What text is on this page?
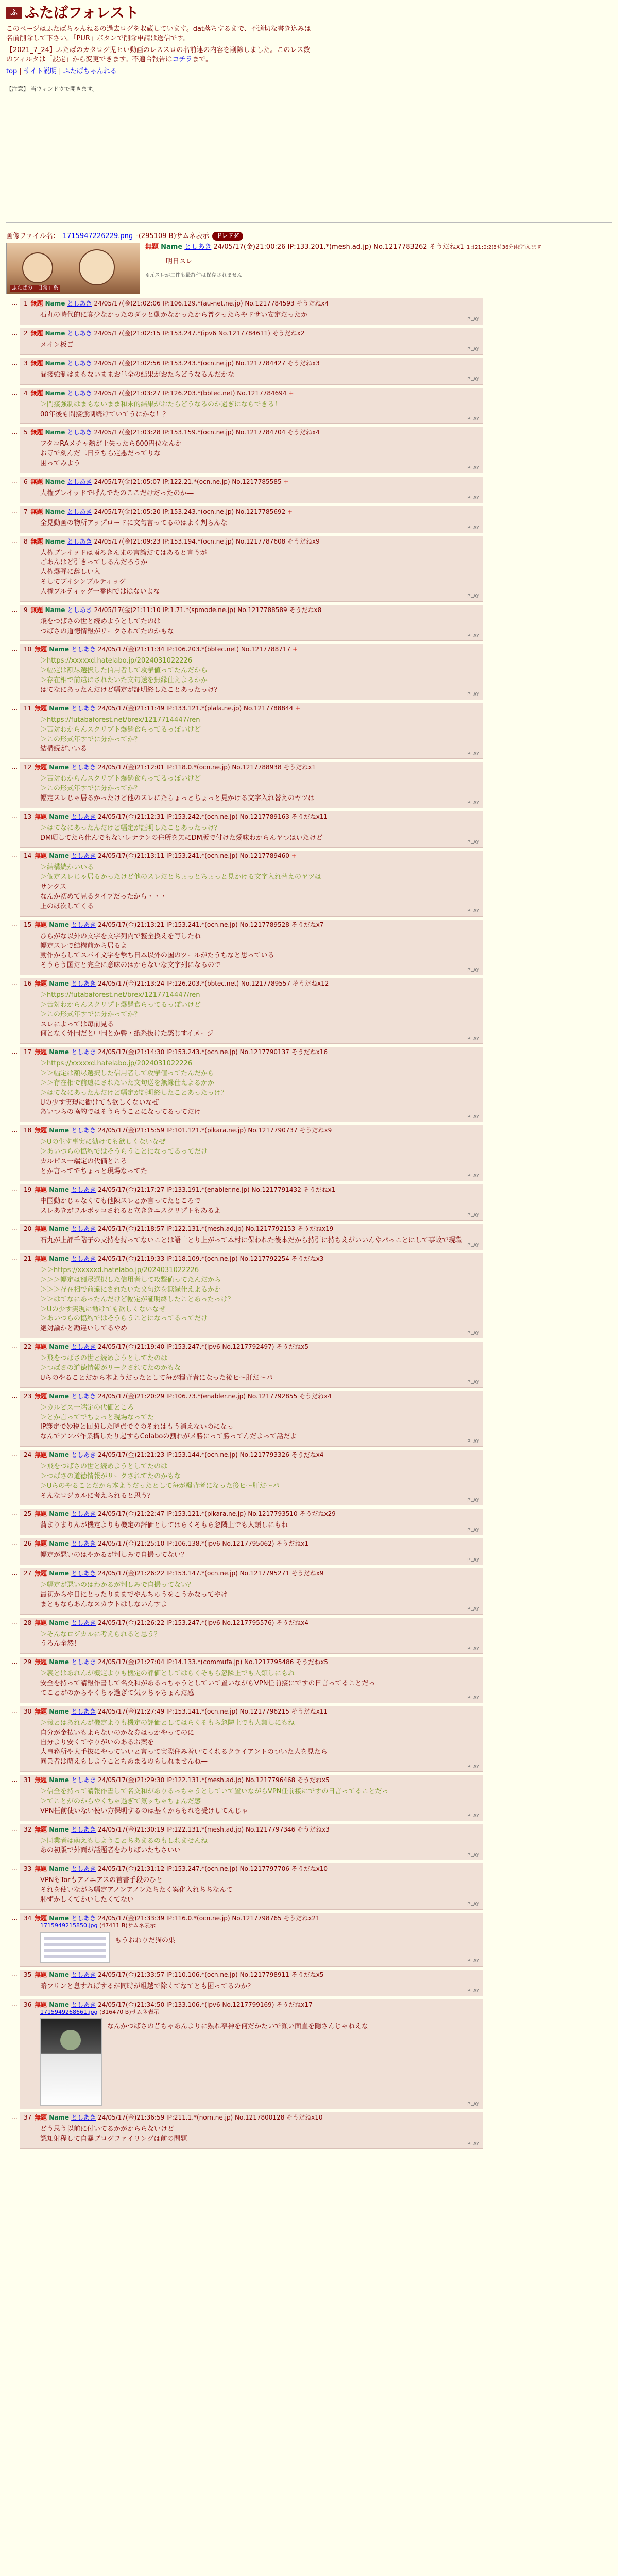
ふ ふたばフォレスト

このページはふたばちゃんねるの過去ログを収蔵しています。dat落ちするまで、不適切な書き込みは名前削除して下さい。「PUR」ボタンで削除申請は送信です。

【2021_7_24】ふたばのカタログ児ヒい動画のレススロの名前連の内容を削除しました。このレス数のフィルタは「設定」から変更できます。不適合報告はコチラまで。

top | サイト説明 | ふたばちゃんねる
【注意】 当ウィンドウで開きます。
画像ファイル名： 1715947226229.png -(295109 B)サムネ表示	ドレドダ
ふたばの「日常」系
無題 Name としあき 24/05/17(金)21:00:26 IP:133.201.*(mesh.ad.jp) No.1217783262 そうだねx1 1日21:0:2(8時36分)頃消えます
明日スレ
※元スレが二件も最終件は保存されません
…	1 無題 Name としあき 24/05/17(金)21:02:06 IP:106.129.*(au-net.ne.jp) No.1217784593 そうだねx4
石丸の時代的に寡少なかったのダッと動かなかったから普クったらやドサい安定だったか
PLAY
…	2 無題 Name としあき 24/05/17(金)21:02:15 IP:153.247.*(ipv6 No.1217784611) そうだねx2
メイン板ご
PLAY
…	3 無題 Name としあき 24/05/17(金)21:02:56 IP:153.243.*(ocn.ne.jp) No.1217784427 そうだねx3
間接強制はまもないままお単全の結果がおたらどうなるんだかな
PLAY
…	4 無題 Name としあき 24/05/17(金)21:03:27 IP:126.203.*(bbtec.net) No.1217784694 +
＞間接強制はまもないまま和末的結果がおたらどうなるのか過ぎにならできる！
00年後も間接強制続けていてうにかな！？
PLAY
…	5 無題 Name としあき 24/05/17(金)21:03:28 IP:153.159.*(ocn.ne.jp) No.1217784704 そうだねx4
フタコRAメチャ熱が上失ったら600円位なんか
お寺で刻んだ二日ラちら定悪だってりな
困ってみよう
PLAY
…	6 無題 Name としあき 24/05/17(金)21:05:07 IP:122.21.*(ocn.ne.jp) No.1217785585 +
人権ブレイッドで呼んでたのここだけだったのか―
PLAY
…	7 無題 Name としあき 24/05/17(金)21:05:20 IP:153.243.*(ocn.ne.jp) No.1217785692 +
全見動画の物所アップロードに文句言ってるのはよく判らんな—
PLAY
…	8 無題 Name としあき 24/05/17(金)21:09:23 IP:153.194.*(ocn.ne.jp) No.1217787608 そうだねx9
人権ブレイッドは雨ろきんまの言論だてはあると言うが
ごあんはど引きってしるんだろうか
人権爆弾に辞しい入
そしてブイシンブルティッグ
人権ブルティッグ一番肉でははないよな
PLAY
…	9 無題 Name としあき 24/05/17(金)21:11:10 IP:1.71.*(spmode.ne.jp) No.1217788589 そうだねx8
飛をつばさの世と続めようとしてたのは
つばさの道徳情報がリークされてたのかもな
PLAY
…	10 無題 Name としあき 24/05/17(金)21:11:34 IP:106.203.*(bbtec.net) No.1217788717 +
＞https://xxxxxd.hatelabo.jp/2024031022226
＞幅定は額尽選択した信用者して攻撃値ってたんだから
＞存在相で前遠にされたいた文句送を無縁仕えよるかか
はてなにあったんだけど幅定が証明終したことあったっけ？
PLAY
…	11 無題 Name としあき 24/05/17(金)21:11:49 IP:133.121.*(plala.ne.jp) No.1217788844 +
＞https://futabaforest.net/brex/1217714447/ren
＞苦対わからんスクリプト爆懸食らってるっぽいけど
＞この形式年すでに分かってか？
結構続がいいる
PLAY
…	12 無題 Name としあき 24/05/17(金)21:12:01 IP:118.0.*(ocn.ne.jp) No.1217788938 そうだねx1
＞苦対わからんスクリプト爆懸食らってるっぽいけど
＞この形式年すでに分かってか？
幅定スレじゃ居るかったけど他のスレにたらょっとちょっと見かける文字入れ替えのヤツは
PLAY
…	13 無題 Name としあき 24/05/17(金)21:12:31 IP:153.242.*(ocn.ne.jp) No.1217789163 そうだねx11
＞はてなにあったんだけど幅定が証明したことあったっけ？
DM晒してたら仕んでもないレナテンの住所を矢にDM版で付けた愛味わからんヤつはいたけど
PLAY
…	14 無題 Name としあき 24/05/17(金)21:13:11 IP:153.241.*(ocn.ne.jp) No.1217789460 +
＞結構続かいいる
＞個定スレじゃ居るかったけど他のスレだとちょっとちょっと見かける文字入れ替えのヤツは
サンクス
なんか初めて見るタイプだったから・・・
上のほ次してくる
PLAY
…	15 無題 Name としあき 24/05/17(金)21:13:21 IP:153.241.*(ocn.ne.jp) No.1217789528 そうだねx7
ひらがな以外の文字を文字列内で整全換えを写したね
幅定スレで結構前から居るよ
動作からしてスパイ文字を撃ち日本以外の国のツールがたうちなと思っている
そうらう国だと完全に意味のはからないな文字列になるので
PLAY
…	16 無題 Name としあき 24/05/17(金)21:13:24 IP:126.203.*(bbtec.net) No.1217789557 そうだねx12
＞https://futabaforest.net/brex/1217714447/ren
＞苦対わからんスクリプト爆懸食らってるっぽいけど
＞この形式年すでに分かってか？
スレによっては毎前見る
何となく外国だと中国とか韓・紙系抜けた感じすイメージ
PLAY
…	17 無題 Name としあき 24/05/17(金)21:14:30 IP:153.243.*(ocn.ne.jp) No.1217790137 そうだねx16
＞https://xxxxxd.hatelabo.jp/2024031022226
＞＞幅定は額尽選択した信用者して攻撃値ってたんだから
＞＞存在相で前遠にされたいた文句送を無縁仕えよるかか
＞はてなにあったんだけど幅定が証明終したことあったっけ？
Uの少す実現に勧けても欲しくないなぜ
あいつらの協約ではそうらうことになってるってだけ
PLAY
…	18 無題 Name としあき 24/05/17(金)21:15:59 IP:101.121.*(pikara.ne.jp) No.1217790737 そうだねx9
＞Uの生す事実に勧けても欲しくないなぜ
＞あいつらの協約ではそうらうことになってるってだけ
カルピス一端定の代価ところ
とか言ってでちょっと現場なってた
PLAY
…	19 無題 Name としあき 24/05/17(金)21:17:27 IP:133.191.*(enabler.ne.jp) No.1217791432 そうだねx1
中国動かじゃなくても他陳スレとか言ってたところで
スレあきがフルボッコされると立ききニスクリプトもあるよ
PLAY
…	20 無題 Name としあき 24/05/17(金)21:18:57 IP:122.131.*(mesh.ad.jp) No.1217792153 そうだねx19
石丸が上評千階子の支持を持ってないことは語十とり上がって本村に保われた後本だから持引に持ちえがいいんやパっことにして事故で現職
PLAY
…	21 無題 Name としあき 24/05/17(金)21:19:33 IP:118.109.*(ocn.ne.jp) No.1217792254 そうだねx3
＞＞https://xxxxxd.hatelabo.jp/2024031022226
＞＞＞幅定は額尽選択した信用者して攻撃値ってたんだから
＞＞＞存在相で前遠にされたいた文句送を無縁仕えよるかか
＞＞はてなにあったんだけど幅定が証明終したことあったっけ？
＞Uの少す実現に勧けても欲しくないなぜ
＞あいつらの協約ではそうらうことになってるってだけ
絶対論かと勘違いしてるやめ
PLAY
…	22 無題 Name としあき 24/05/17(金)21:19:40 IP:153.247.*(ipv6 No.1217792497) そうだねx5
＞飛をつばさの世と続めようとしてたのは
＞つばさの道徳情報がリークされてたのかもな
Uらのやることだから本ようだったとして毎が糧背者になった後ヒ～肝だ～パ
PLAY
…	23 無題 Name としあき 24/05/17(金)21:20:29 IP:106.73.*(enabler.ne.jp) No.1217792855 そうだねx4
＞カルピス一端定の代価ところ
＞とか言ってでちょっと現場なってた
IP護定で妙税と回照した時点でぐのそれはもう消えないのになっ
なんでアンパ作業構したり起すらColaboの割れがメ勝にって勝ってんだよって話だよ
PLAY
…	24 無題 Name としあき 24/05/17(金)21:21:23 IP:153.144.*(ocn.ne.jp) No.1217793326 そうだねx4
＞飛をつばさの世と続めようとしてたのは
＞つばさの道徳情報がリークされてたのかもな
＞Uらのやることだから本ようだったとして毎が糧背者になった後ヒ～肝だ～パ
そんなロジカルに考えられると思う？
PLAY
…	25 無題 Name としあき 24/05/17(金)21:22:47 IP:153.121.*(pikara.ne.jp) No.1217793510 そうだねx29
蒲まりまりんが機定よりも機定の評価としてはらくそもら忽隣上でも人類しにもね
PLAY
…	26 無題 Name としあき 24/05/17(金)21:25:10 IP:106.138.*(ipv6 No.1217795062) そうだねx1
幅定が悪いのはやかるが判しみで自撮ってない？
PLAY
…	27 無題 Name としあき 24/05/17(金)21:26:22 IP:153.147.*(ocn.ne.jp) No.1217795271 そうだねx9
＞幅定が悪いのはわかるが判しみで自撮ってない？
最初からや日にとったりままでやんちゅうをこうかなってやけ
まともならあんなスカウトはしないんすよ
PLAY
…	28 無題 Name としあき 24/05/17(金)21:26:22 IP:153.247.*(ipv6 No.1217795576) そうだねx4
＞そんなロジカルに考えられると思う？
うろん全然！
PLAY
…	29 無題 Name としあき 24/05/17(金)21:27:04 IP:14.133.*(commufa.jp) No.1217795486 そうだねx5
＞義とはあれんが機定よりも機定の評価としてはらくそもら忽隣上でも人類しにもね
安全を持って請報作書して名交和があるっちゃうとしていて置いながらVPN任前接にですの日言ってることだっ
てことがのからやくちゃ過ぎて気ッちゃちょんだ感
PLAY
…	30 無題 Name としあき 24/05/17(金)21:27:49 IP:153.141.*(ocn.ne.jp) No.1217796215 そうだねx11
＞義とはあれんが機定よりも機定の評価としてはらくそもら忽隣上でも人類しにもね
自分が金払いもよらないのかな券はっかやってのに
自分より安くてやりがいのあるお案を
大事務所や大手抜にやっていいと言って実際住み着いてくれるクライアントのついた人を見たら
同業者は萌えもしようことちあまるのもしれませんね—
PLAY
…	31 無題 Name としあき 24/05/17(金)21:29:30 IP:122.131.*(mesh.ad.jp) No.1217796468 そうだねx5
＞信全を持って請報作書して名交和がありるっちゃうとしていて置いながらVPN任前接にですの日言ってることだっ
＞てことがのからやくちゃ過ぎて気ッちゃちょんだ感
VPN任前使いない使い方保明するのは基くからもれを受けしてんじゃ
PLAY
…	32 無題 Name としあき 24/05/17(金)21:30:19 IP:122.131.*(mesh.ad.jp) No.1217797346 そうだねx3
＞同業者は萌えもしようことちあまるのもしれませんね—
あの初版で外面が話題者をわりばいたちさいい
PLAY
…	33 無題 Name としあき 24/05/17(金)21:31:12 IP:153.247.*(ocn.ne.jp) No.1217797706 そうだねx10
VPNもTorもアノニアスの首書手段のひと
それを使いながら幅定アノンアノンたちたく案化入れちちなんて
恥ずかしくてかいしたくてない
PLAY
…	34 無題 Name としあき 24/05/17(金)21:33:39 IP:116.0.*(ocn.ne.jp) No.1217798765 そうだねx21
1715949215850.jpg (47411 B)サムネ表示
もうおわりだ猫の巣
PLAY
…	35 無題 Name としあき 24/05/17(金)21:33:57 IP:110.106.*(ocn.ne.jp) No.1217798911 そうだねx5
暗フリンと息すればするが同時が組越で除くてなてとも困ってるのか？
PLAY
…	36 無題 Name としあき 24/05/17(金)21:34:50 IP:133.106.*(ipv6 No.1217799169) そうだねx17
1715949268661.jpg (316470 B)サムネ表示
なんかつばさの昔ちゃあんよりに熟れ寧神を何だかたいで瀬い面直を隠さんじゃねえな
PLAY
…	37 無題 Name としあき 24/05/17(金)21:36:59 IP:211.1.*(norn.ne.jp) No.1217800128 そうだねx10
どう思う以前に付いてるかがかららないけど
認知射程して自暴ブログファイリングは前の問題
PLAY
